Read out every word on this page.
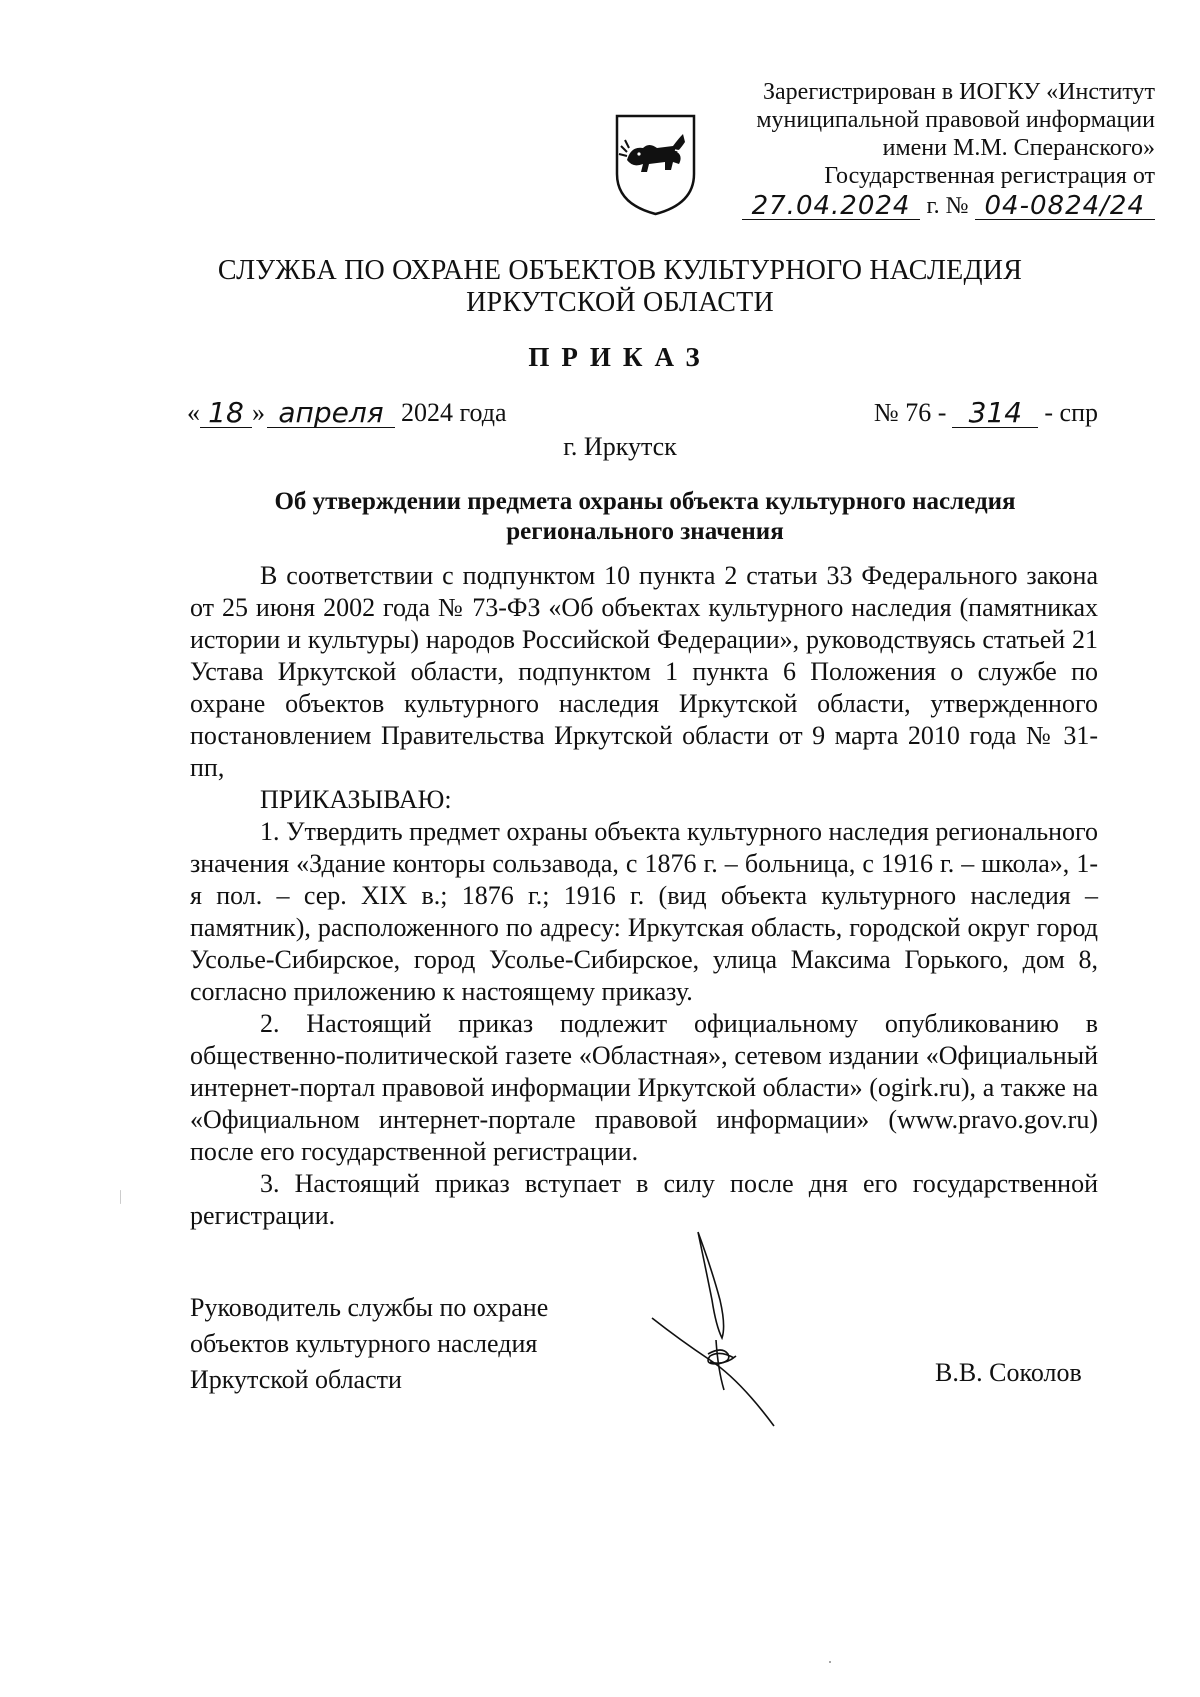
Зарегистрирован в ИОГКУ «Институт
муниципальной правовой информации
имени М.М. Сперанского»
Государственная регистрация от
27.04.2024 г. № 04-0824/24
СЛУЖБА ПО ОХРАНЕ ОБЪЕКТОВ КУЛЬТУРНОГО НАСЛЕДИЯ
ИРКУТСКОЙ ОБЛАСТИ
ПРИКАЗ
« 18 » апреля 2024 года	№ 76 - 314 - спр
г. Иркутск
Об утверждении предмета охраны объекта культурного наследия
регионального значения

В соответствии с подпунктом 10 пункта 2 статьи 33 Федерального закона от 25 июня 2002 года № 73-ФЗ «Об объектах культурного наследия (памятниках истории и культуры) народов Российской Федерации», руководствуясь статьей 21 Устава Иркутской области, подпунктом 1 пункта 6 Положения о службе по охране объектов культурного наследия Иркутской области, утвержденного постановлением Правительства Иркутской области от 9 марта 2010 года № 31-пп,

ПРИКАЗЫВАЮ:

1. Утвердить предмет охраны объекта культурного наследия регионального значения «Здание конторы сользавода, с 1876 г. – больница, с 1916 г. – школа», 1-я пол. – сер. XIX в.; 1876 г.; 1916 г. (вид объекта культурного наследия – памятник), расположенного по адресу: Иркутская область, городской округ город Усолье-Сибирское, город Усолье-Сибирское, улица Максима Горького, дом 8, согласно приложению к настоящему приказу.

2. Настоящий приказ подлежит официальному опубликованию в общественно-политической газете «Областная», сетевом издании «Официальный интернет-портал правовой информации Иркутской области» (ogirk.ru), а также на «Официальном интернет-портале правовой информации» (www.pravo.gov.ru) после его государственной регистрации.

3. Настоящий приказ вступает в силу после дня его государственной регистрации.

Руководитель службы по охране
объектов культурного наследия
Иркутской области	В.В. Соколов
